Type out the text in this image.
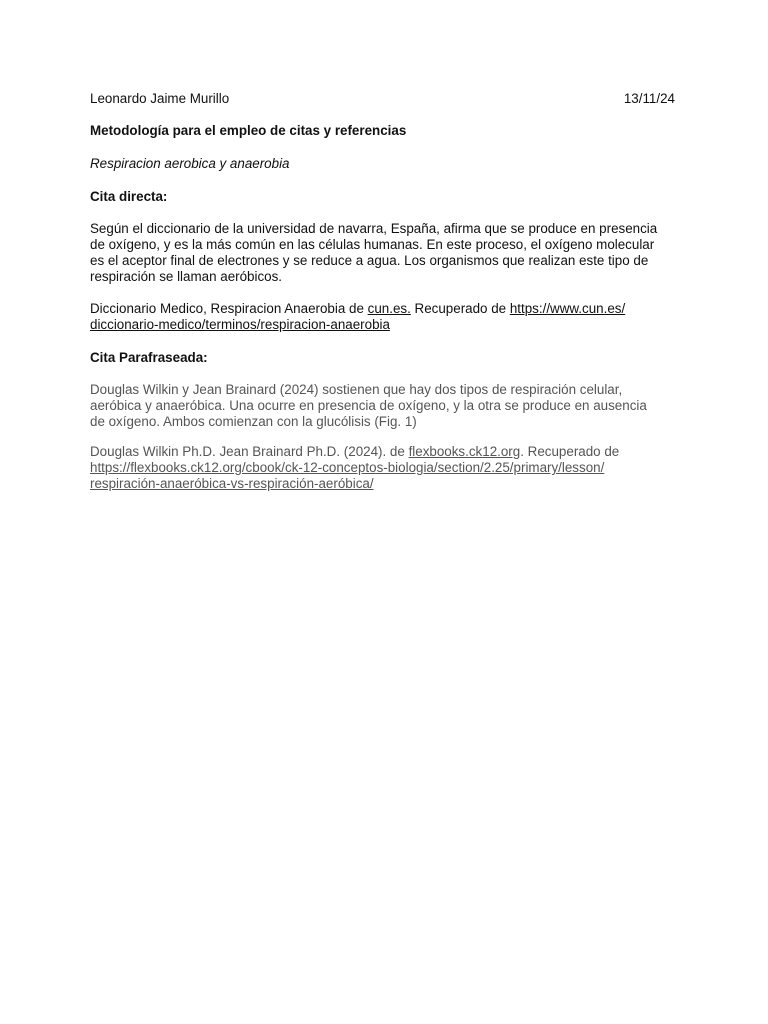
Leonardo Jaime Murillo	13/11/24
Metodología para el empleo de citas y referencias
Respiracion aerobica y anaerobia
Cita directa:
Según el diccionario de la universidad de navarra, España, afirma que se produce en presencia
de oxígeno, y es la más común en las células humanas. En este proceso, el oxígeno molecular
es el aceptor final de electrones y se reduce a agua. Los organismos que realizan este tipo de
respiración se llaman aeróbicos.
Diccionario Medico, Respiracion Anaerobia de cun.es. Recuperado de https://www.cun.es/
diccionario-medico/terminos/respiracion-anaerobia
Cita Parafraseada:
Douglas Wilkin y Jean Brainard (2024) sostienen que hay dos tipos de respiración celular,
aeróbica y anaeróbica. Una ocurre en presencia de oxígeno, y la otra se produce en ausencia
de oxígeno. Ambos comienzan con la glucólisis (Fig. 1)
Douglas Wilkin Ph.D. Jean Brainard Ph.D. (2024). de flexbooks.ck12.org. Recuperado de
https://flexbooks.ck12.org/cbook/ck-12-conceptos-biologia/section/2.25/primary/lesson/
respiración-anaeróbica-vs-respiración-aeróbica/
